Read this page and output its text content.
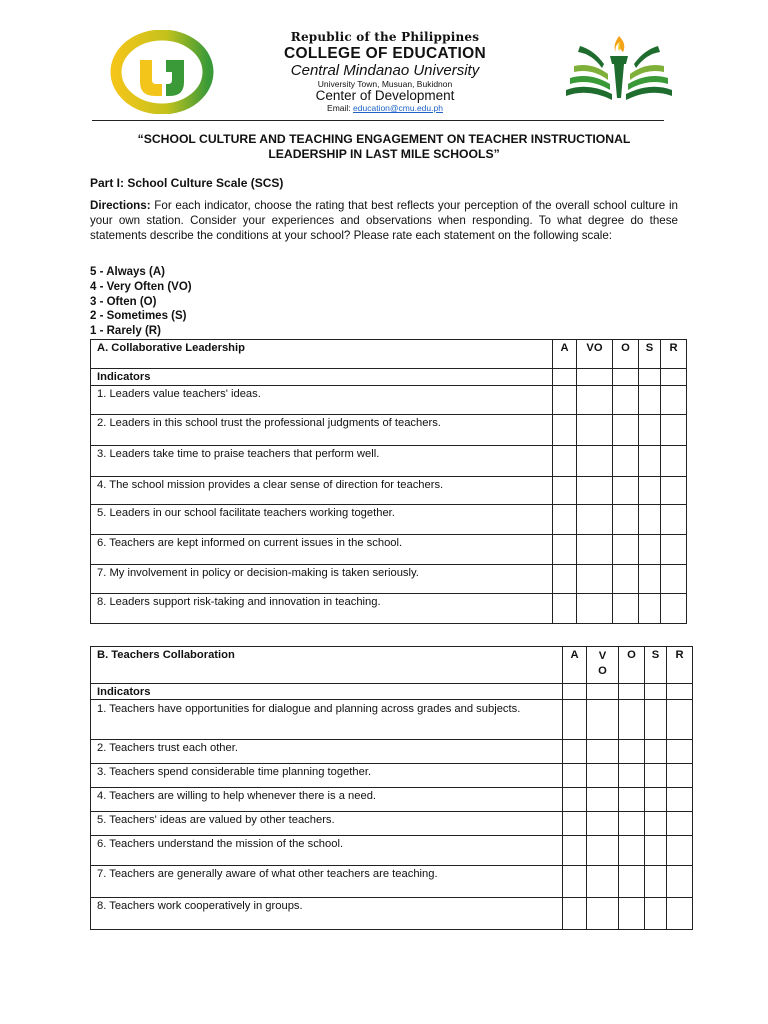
Republic of the Philippines
COLLEGE OF EDUCATION
Central Mindanao University
University Town, Musuan, Bukidnon
Center of Development
Email: education@cmu.edu.ph
“SCHOOL CULTURE AND TEACHING ENGAGEMENT ON TEACHER INSTRUCTIONAL
LEADERSHIP IN LAST MILE SCHOOLS”
Part I: School Culture Scale (SCS)
Directions: For each indicator, choose the rating that best reflects your perception of the overall school culture in your own station. Consider your experiences and observations when responding. To what degree do these statements describe the conditions at your school? Please rate each statement on the following scale:
5 - Always (A)
4 - Very Often (VO)
3 - Often (O)
2 - Sometimes (S)
1 - Rarely (R)
A. Collaborative Leadership	A	VO	O	S	R
Indicators					
1. Leaders value teachers' ideas.					
2. Leaders in this school trust the professional judgments of teachers.					
3. Leaders take time to praise teachers that perform well.					
4. The school mission provides a clear sense of direction for teachers.					
5. Leaders in our school facilitate teachers working together.					
6. Teachers are kept informed on current issues in the school.					
7. My involvement in policy or decision-making is taken seriously.					
8. Leaders support risk-taking and innovation in teaching.					
B. Teachers Collaboration	A	V O	O	S	R
Indicators					
1. Teachers have opportunities for dialogue and planning across grades and subjects.					
2. Teachers trust each other.					
3. Teachers spend considerable time planning together.					
4. Teachers are willing to help whenever there is a need.					
5. Teachers' ideas are valued by other teachers.					
6. Teachers understand the mission of the school.					
7. Teachers are generally aware of what other teachers are teaching.					
8. Teachers work cooperatively in groups.					
